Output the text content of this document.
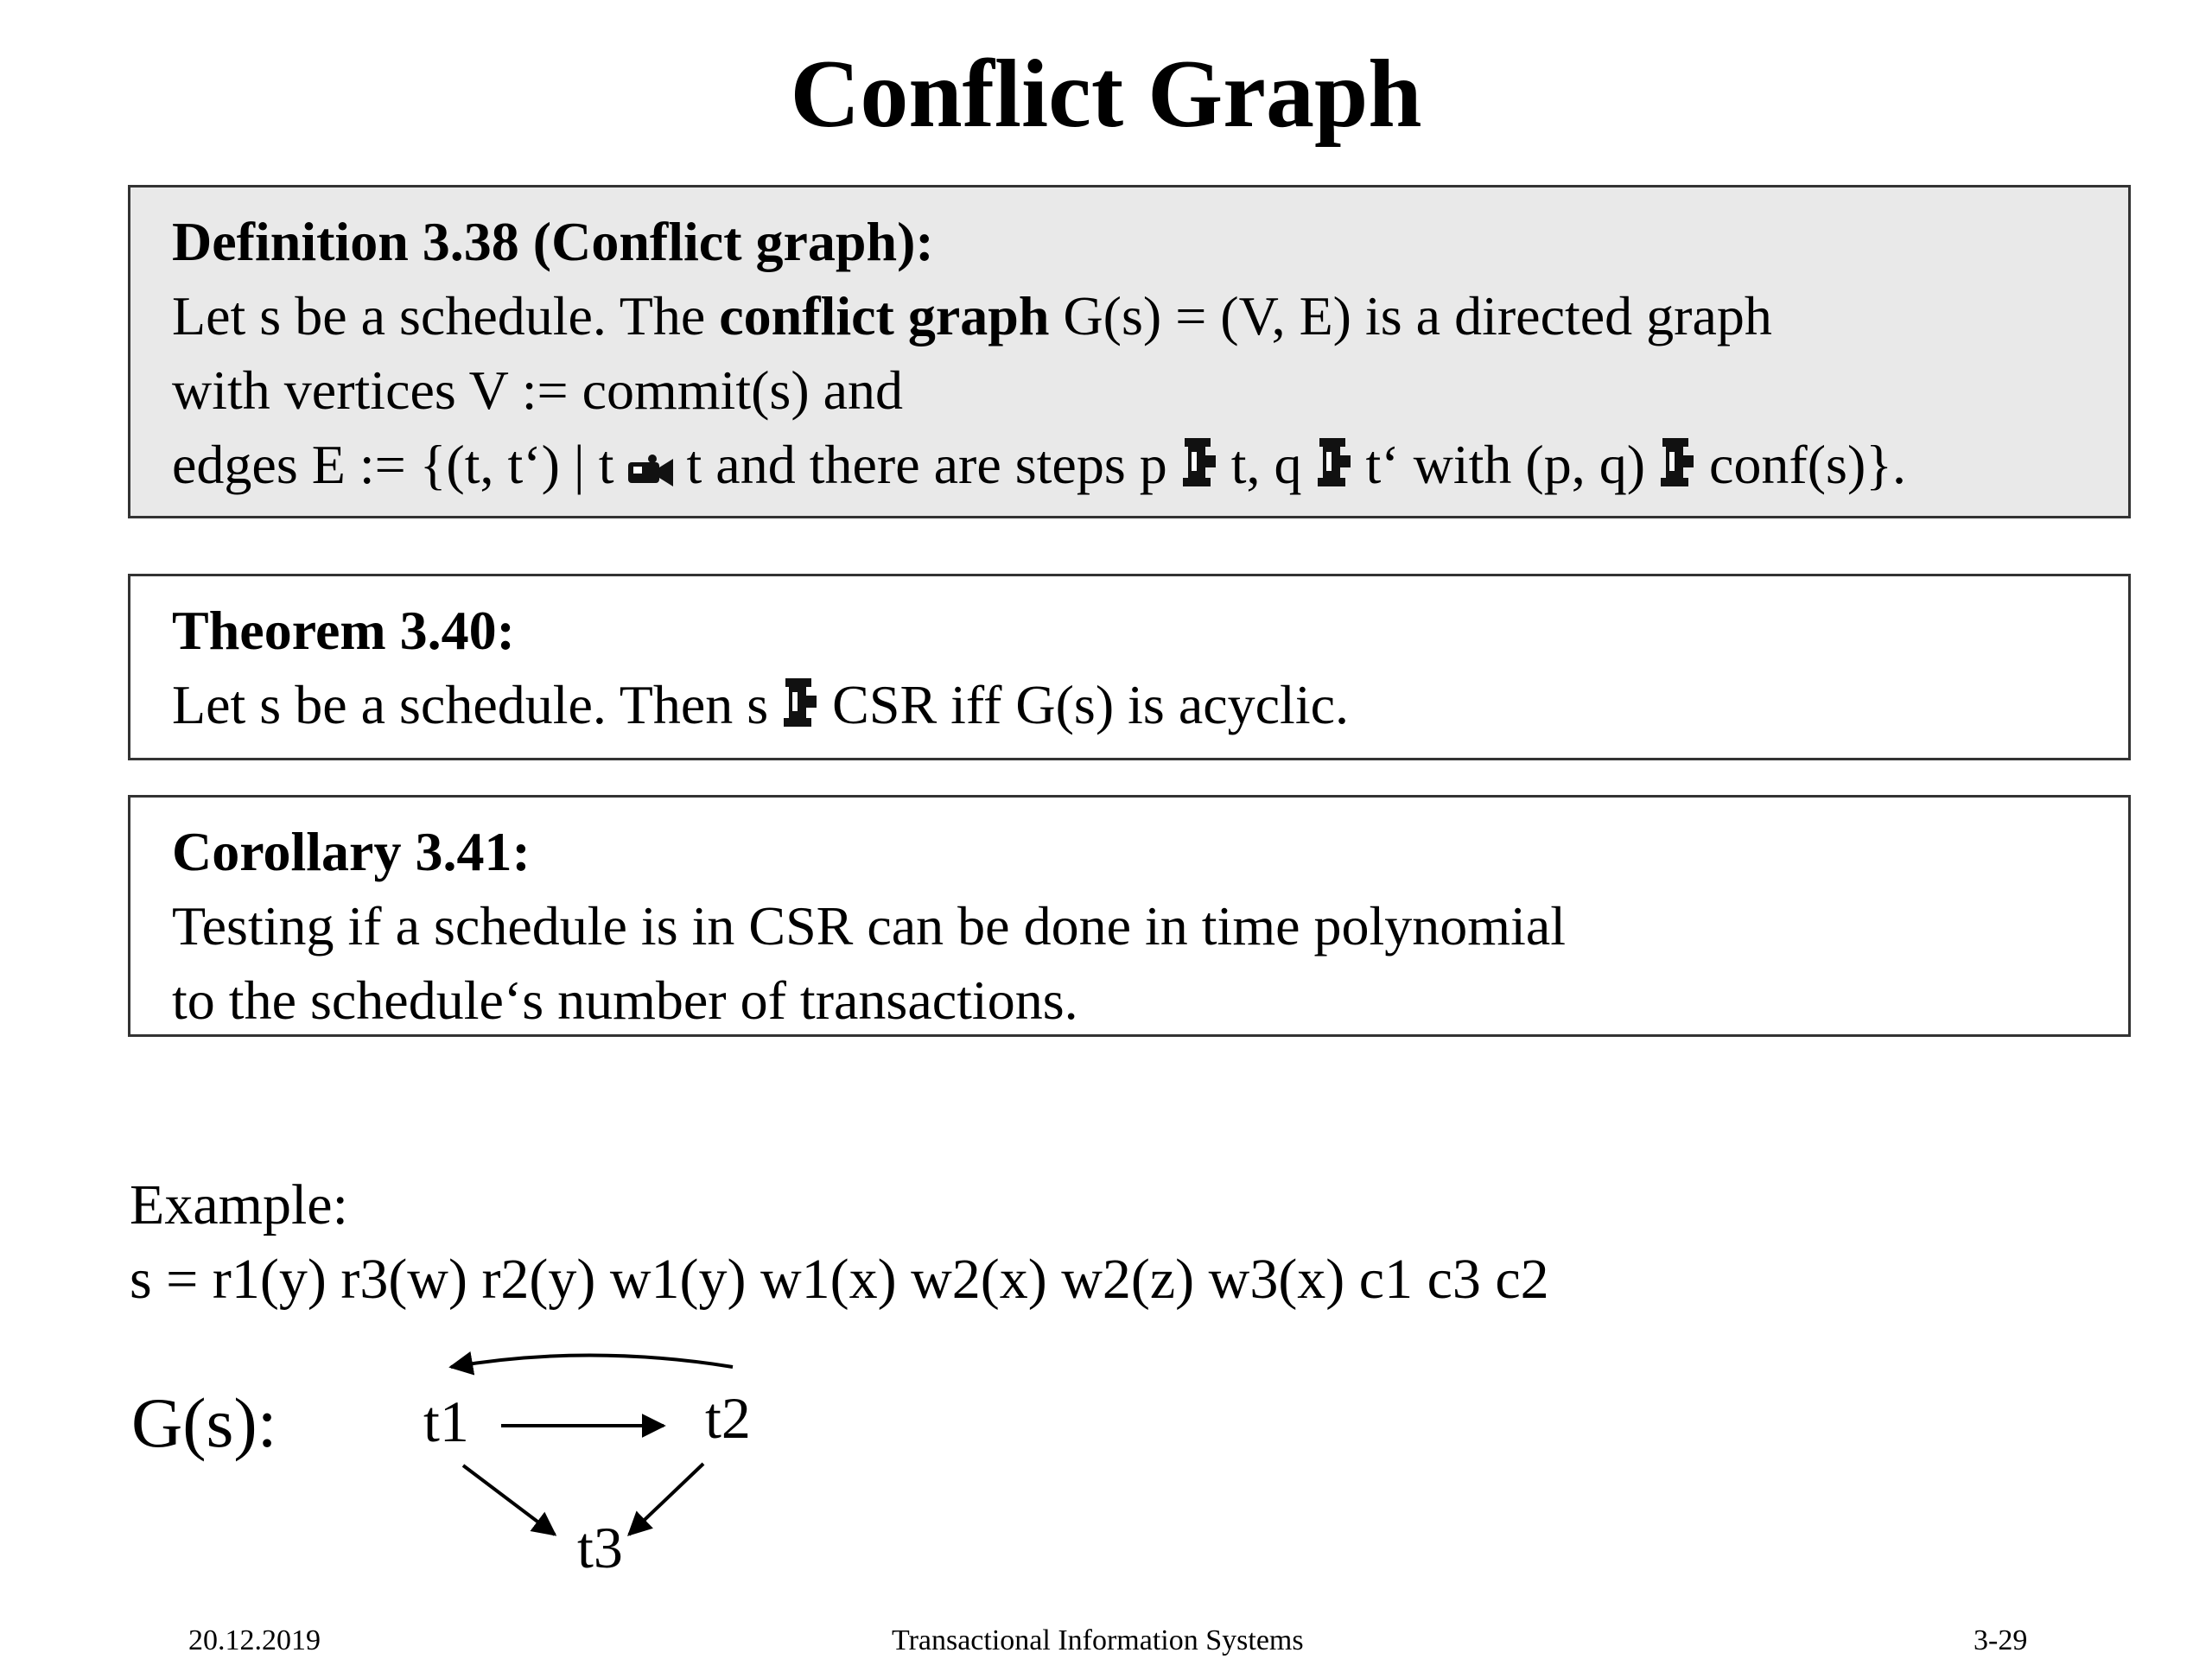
Conflict Graph
Definition 3.38 (Conflict graph):
Let s be a schedule. The conflict graph G(s) = (V, E) is a directed graph
with vertices V := commit(s) and
edges E := {(t, t‘) | t t and there are steps p t, q t‘ with (p, q) conf(s)}.
Theorem 3.40:
Let s be a schedule. Then s CSR iff G(s) is acyclic.
Corollary 3.41:
Testing if a schedule is in CSR can be done in time polynomial
to the schedule‘s number of transactions.
Example:
s = r1(y) r3(w) r2(y) w1(y) w1(x) w2(x) w2(z) w3(x) c1 c3 c2
G(s): t1	t2
t3
20.12.2019	Transactional Information Systems	3-29
